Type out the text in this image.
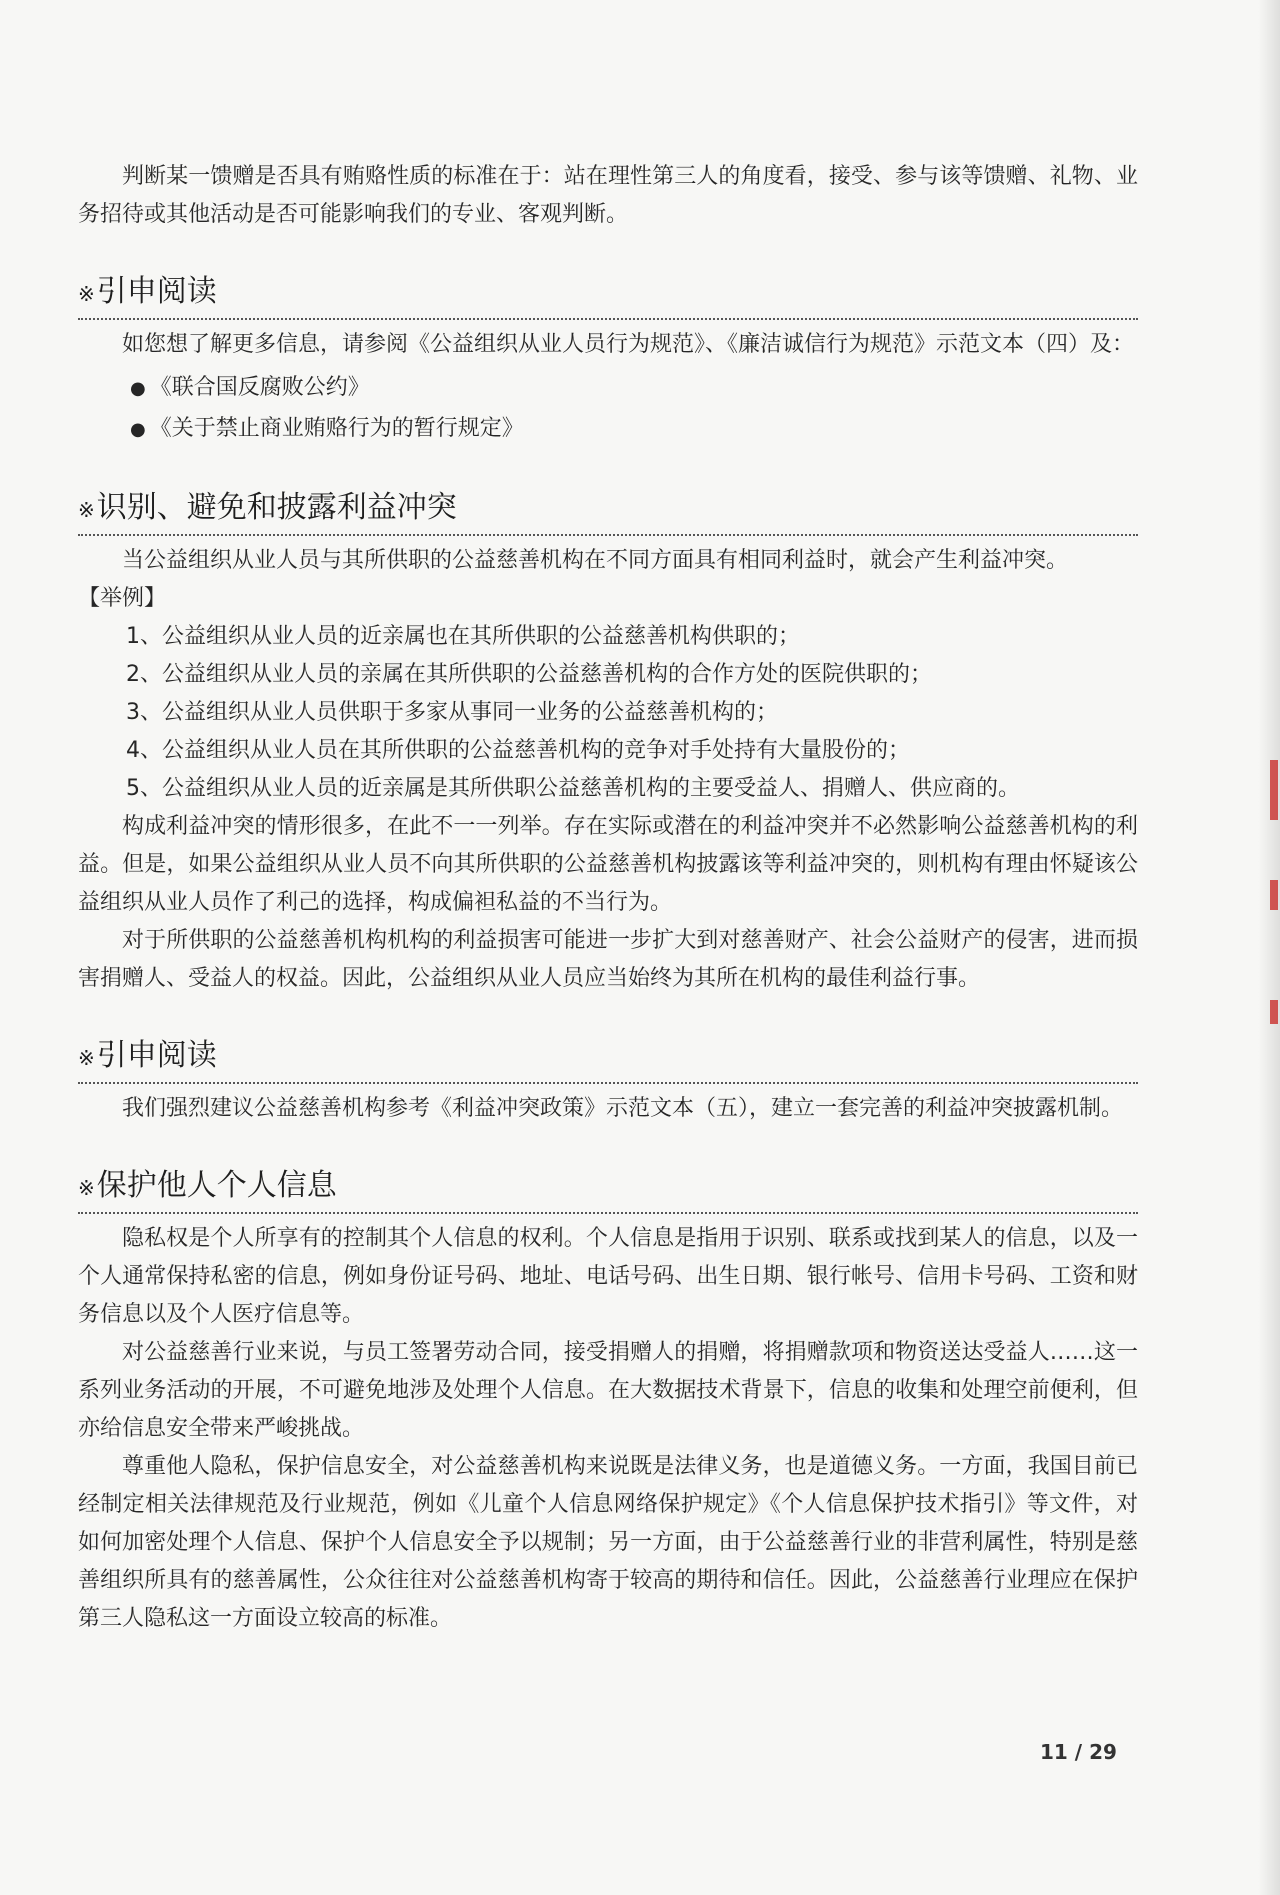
判断某一馈赠是否具有贿赂性质的标准在于：站在理性第三人的角度看，接受、参与该等馈赠、礼物、业务招待或其他活动是否可能影响我们的专业、客观判断。

※引申阅读

如您想了解更多信息，请参阅《公益组织从业人员行为规范》、《廉洁诚信行为规范》示范文本（四）及：

● 《联合国反腐败公约》
● 《关于禁止商业贿赂行为的暂行规定》
※识别、避免和披露利益冲突

当公益组织从业人员与其所供职的公益慈善机构在不同方面具有相同利益时，就会产生利益冲突。

【举例】
1、公益组织从业人员的近亲属也在其所供职的公益慈善机构供职的；
2、公益组织从业人员的亲属在其所供职的公益慈善机构的合作方处的医院供职的；
3、公益组织从业人员供职于多家从事同一业务的公益慈善机构的；
4、公益组织从业人员在其所供职的公益慈善机构的竞争对手处持有大量股份的；
5、公益组织从业人员的近亲属是其所供职公益慈善机构的主要受益人、捐赠人、供应商的。

构成利益冲突的情形很多，在此不一一列举。存在实际或潜在的利益冲突并不必然影响公益慈善机构的利益。但是，如果公益组织从业人员不向其所供职的公益慈善机构披露该等利益冲突的，则机构有理由怀疑该公益组织从业人员作了利己的选择，构成偏袒私益的不当行为。

对于所供职的公益慈善机构机构的利益损害可能进一步扩大到对慈善财产、社会公益财产的侵害，进而损害捐赠人、受益人的权益。因此，公益组织从业人员应当始终为其所在机构的最佳利益行事。

※引申阅读

我们强烈建议公益慈善机构参考《利益冲突政策》示范文本（五），建立一套完善的利益冲突披露机制。

※保护他人个人信息

隐私权是个人所享有的控制其个人信息的权利。个人信息是指用于识别、联系或找到某人的信息，以及一个人通常保持私密的信息，例如身份证号码、地址、电话号码、出生日期、银行帐号、信用卡号码、工资和财务信息以及个人医疗信息等。

对公益慈善行业来说，与员工签署劳动合同，接受捐赠人的捐赠，将捐赠款项和物资送达受益人……这一系列业务活动的开展，不可避免地涉及处理个人信息。在大数据技术背景下，信息的收集和处理空前便利，但亦给信息安全带来严峻挑战。

尊重他人隐私，保护信息安全，对公益慈善机构来说既是法律义务，也是道德义务。一方面，我国目前已经制定相关法律规范及行业规范，例如《儿童个人信息网络保护规定》《个人信息保护技术指引》等文件，对如何加密处理个人信息、保护个人信息安全予以规制；另一方面，由于公益慈善行业的非营利属性，特别是慈善组织所具有的慈善属性，公众往往对公益慈善机构寄于较高的期待和信任。因此，公益慈善行业理应在保护第三人隐私这一方面设立较高的标准。

11 / 29
